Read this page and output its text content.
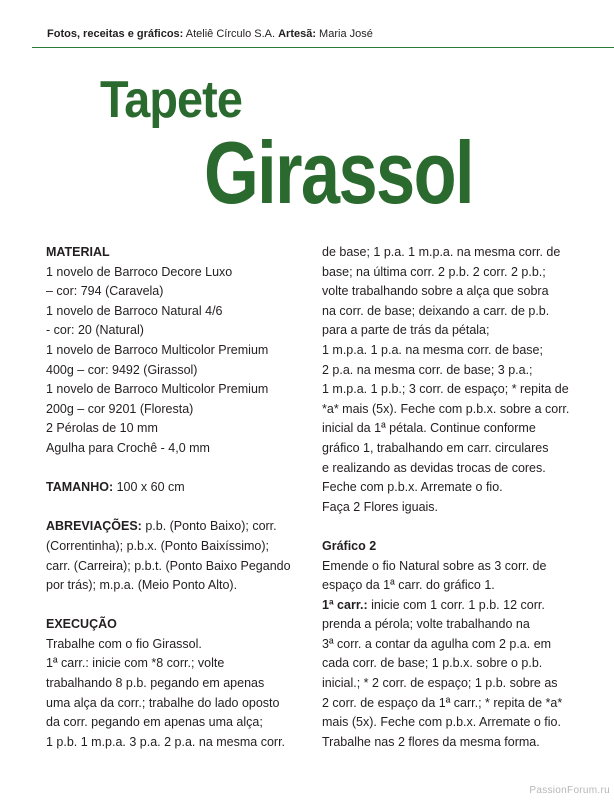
Fotos, receitas e gráficos: Ateliê Círculo S.A. Artesã: Maria José
Tapete
Girassol
MATERIAL
1 novelo de Barroco Decore Luxo
– cor: 794 (Caravela)
1 novelo de Barroco Natural 4/6
- cor: 20 (Natural)
1 novelo de Barroco Multicolor Premium
400g – cor: 9492 (Girassol)
1 novelo de Barroco Multicolor Premium
200g – cor 9201 (Floresta)
2 Pérolas de 10 mm
Agulha para Crochê - 4,0 mm
TAMANHO: 100 x 60 cm
ABREVIAÇÕES: p.b. (Ponto Baixo); corr.
(Correntinha); p.b.x. (Ponto Baixíssimo);
carr. (Carreira); p.b.t. (Ponto Baixo Pegando
por trás); m.p.a. (Meio Ponto Alto).
EXECUÇÃO
Trabalhe com o fio Girassol.
1ª carr.: inicie com *8 corr.; volte
trabalhando 8 p.b. pegando em apenas
uma alça da corr.; trabalhe do lado oposto
da corr. pegando em apenas uma alça;
1 p.b. 1 m.p.a. 3 p.a. 2 p.a. na mesma corr.
de base; 1 p.a. 1 m.p.a. na mesma corr. de
base; na última corr. 2 p.b. 2 corr. 2 p.b.;
volte trabalhando sobre a alça que sobra
na corr. de base; deixando a carr. de p.b.
para a parte de trás da pétala;
1 m.p.a. 1 p.a. na mesma corr. de base;
2 p.a. na mesma corr. de base; 3 p.a.;
1 m.p.a. 1 p.b.; 3 corr. de espaço; * repita de
*a* mais (5x). Feche com p.b.x. sobre a corr.
inicial da 1ª pétala. Continue conforme
gráfico 1, trabalhando em carr. circulares
e realizando as devidas trocas de cores.
Feche com p.b.x. Arremate o fio.
Faça 2 Flores iguais.
Gráfico 2
Emende o fio Natural sobre as 3 corr. de
espaço da 1ª carr. do gráfico 1.
1ª carr.: inicie com 1 corr. 1 p.b. 12 corr.
prenda a pérola; volte trabalhando na
3ª corr. a contar da agulha com 2 p.a. em
cada corr. de base; 1 p.b.x. sobre o p.b.
inicial.; * 2 corr. de espaço; 1 p.b. sobre as
2 corr. de espaço da 1ª carr.; * repita de *a*
mais (5x). Feche com p.b.x. Arremate o fio.
Trabalhe nas 2 flores da mesma forma.
PassionForum.ru
